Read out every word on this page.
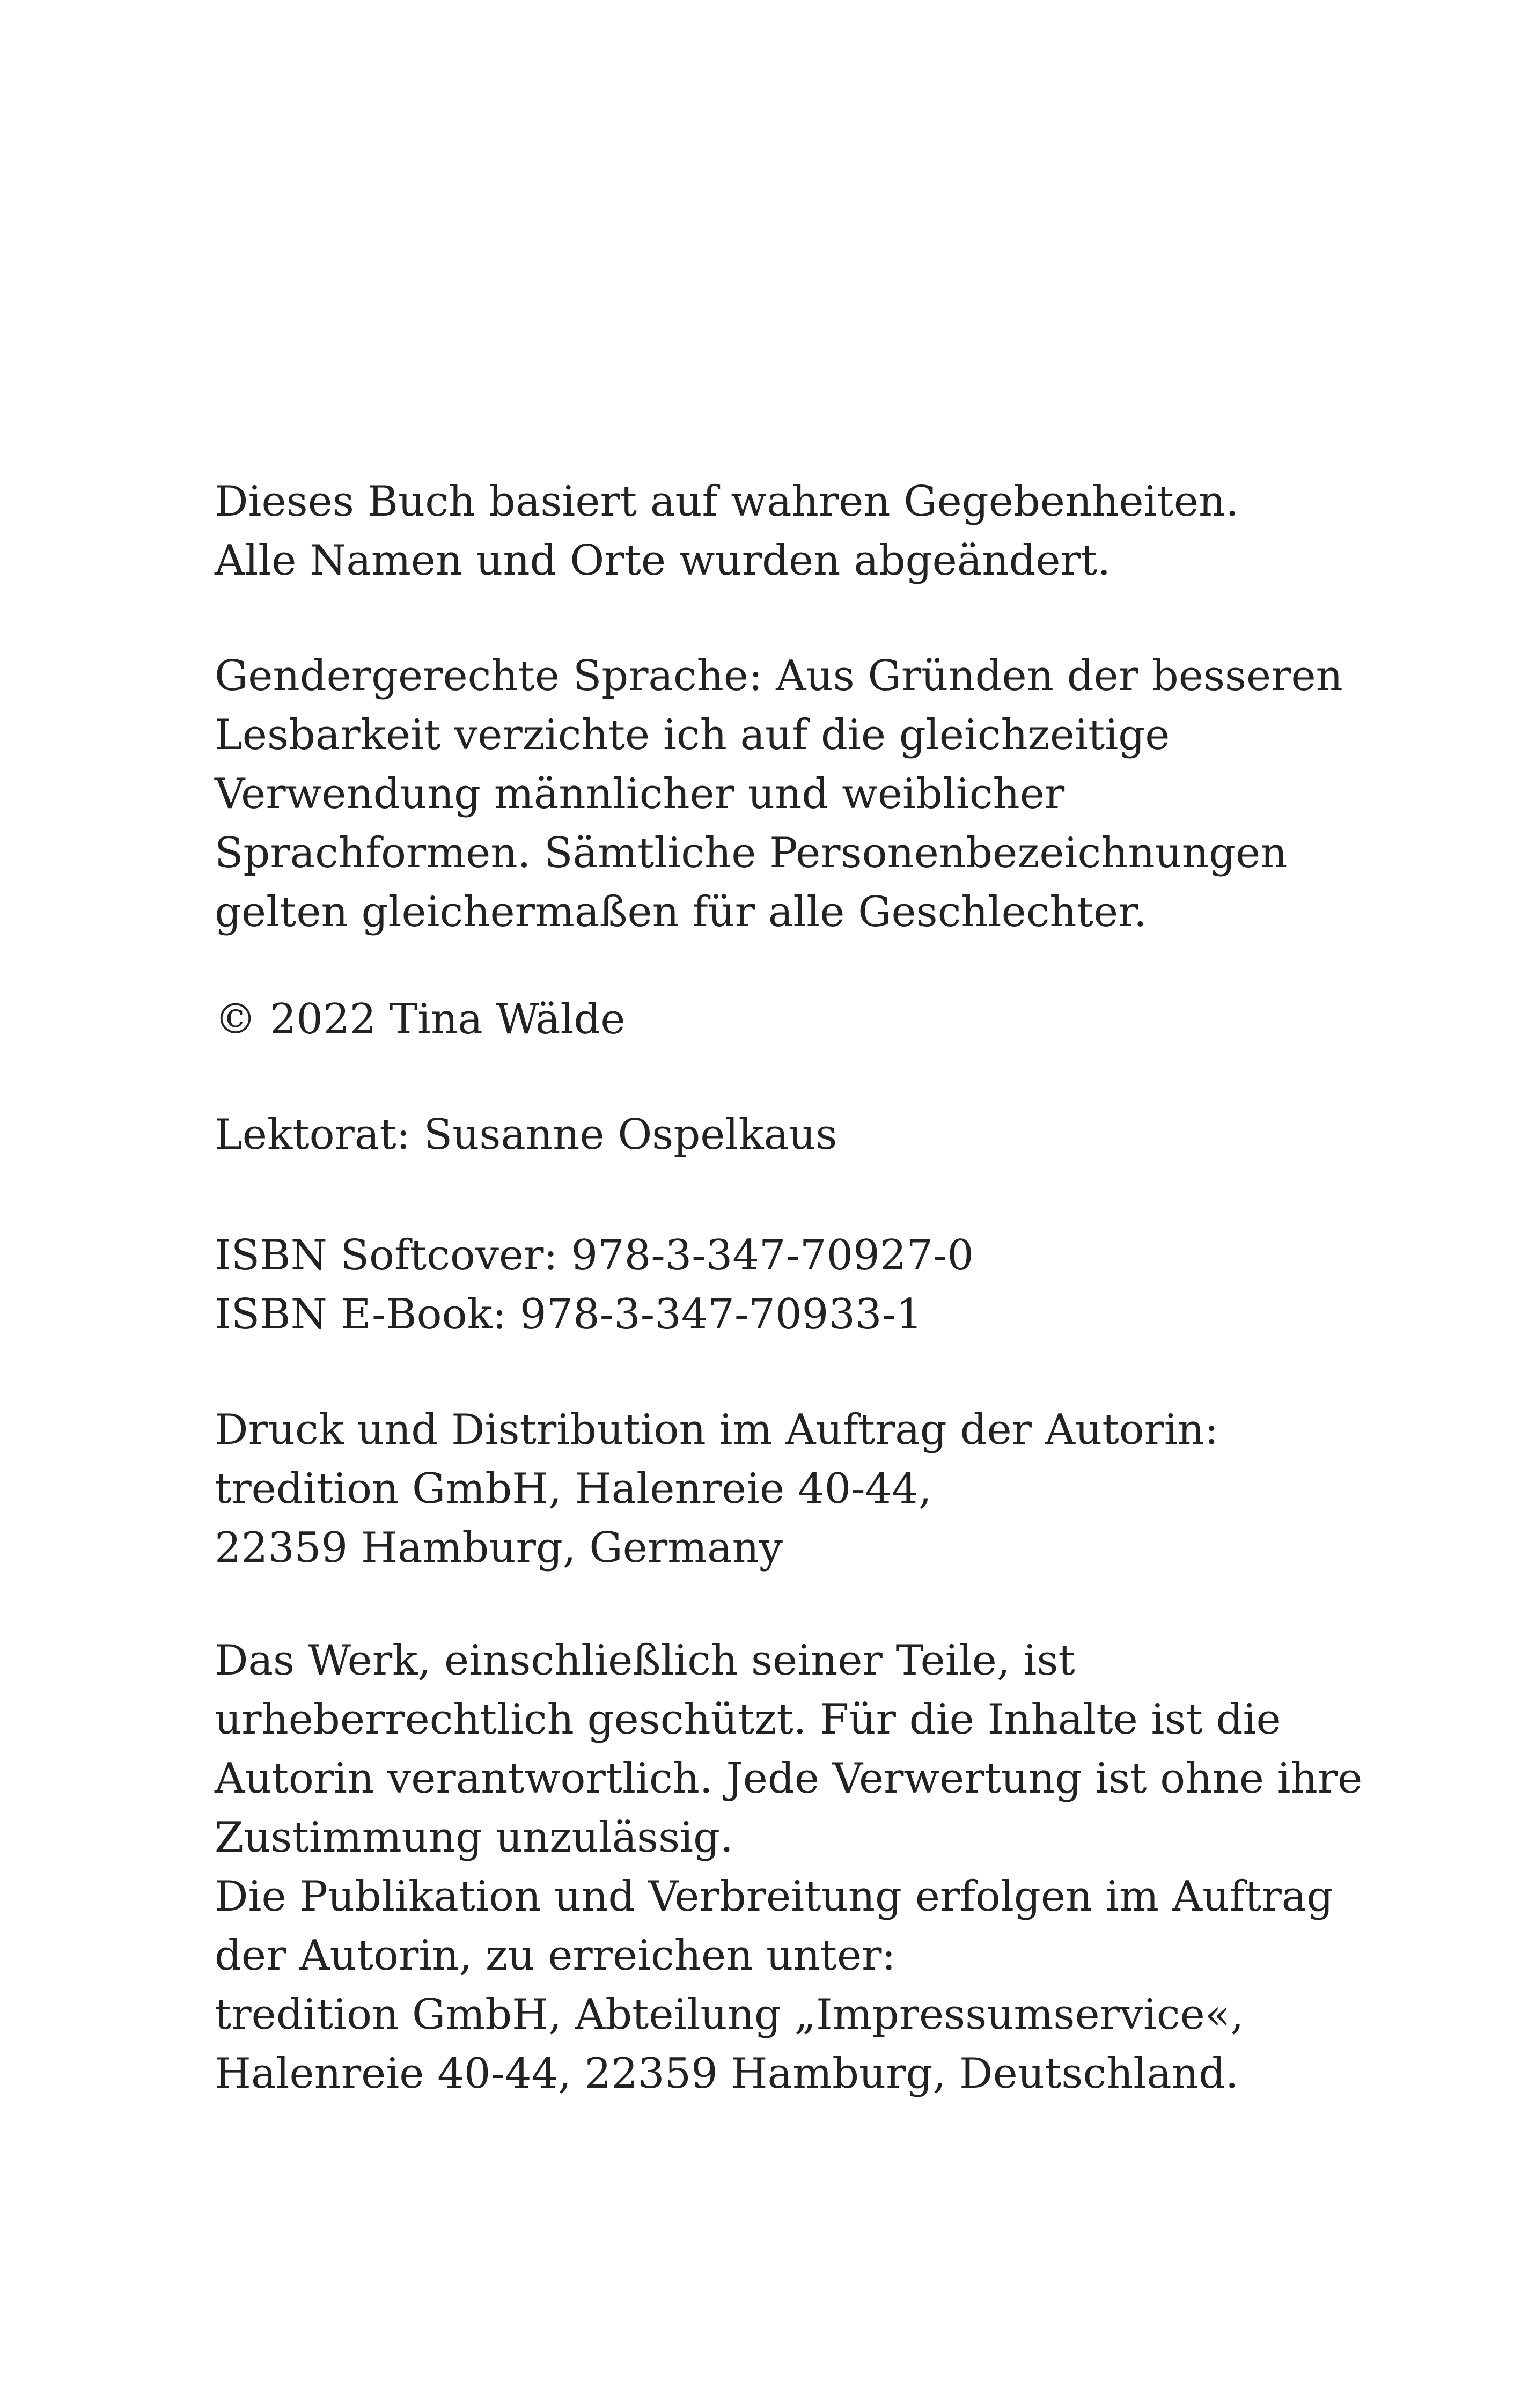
Dieses Buch basiert auf wahren Gegebenheiten.
Alle Namen und Orte wurden abgeändert.
Gendergerechte Sprache: Aus Gründen der besseren
Lesbarkeit verzichte ich auf die gleichzeitige
Verwendung männlicher und weiblicher
Sprachformen. Sämtliche Personenbezeichnungen
gelten gleichermaßen für alle Geschlechter.
© 2022 Tina Wälde
Lektorat: Susanne Ospelkaus
ISBN Softcover: 978-3-347-70927-0
ISBN E-Book: 978-3-347-70933-1
Druck und Distribution im Auftrag der Autorin:
tredition GmbH, Halenreie 40-44,
22359 Hamburg, Germany
Das Werk, einschließlich seiner Teile, ist
urheberrechtlich geschützt. Für die Inhalte ist die
Autorin verantwortlich. Jede Verwertung ist ohne ihre
Zustimmung unzulässig.
Die Publikation und Verbreitung erfolgen im Auftrag
der Autorin, zu erreichen unter:
tredition GmbH, Abteilung „Impressumservice«,
Halenreie 40-44, 22359 Hamburg, Deutschland.
